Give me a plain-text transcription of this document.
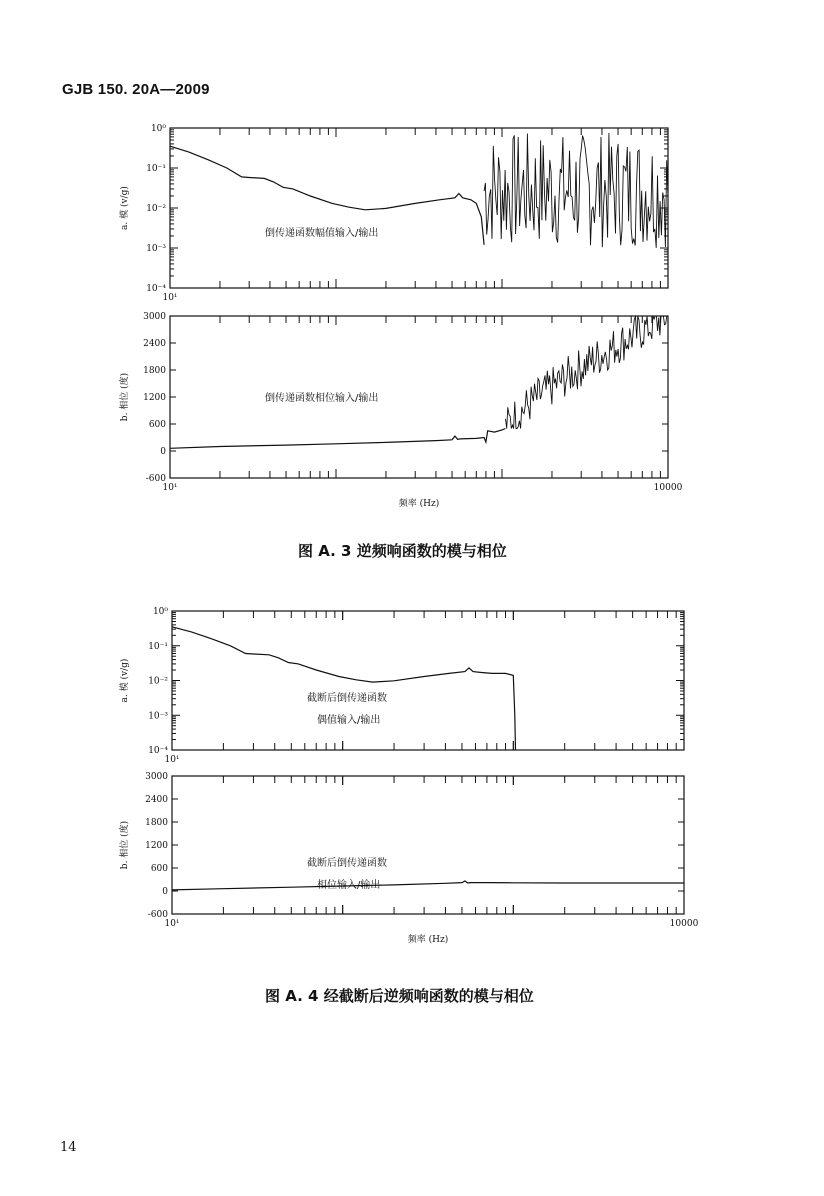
GJB 150. 20A—2009
10⁰
10⁻¹
10⁻²
10⁻³
10⁻⁴
10¹
a. 模 (v/g)
倒传递函数幅值输入/输出
3000
2400
1800
1200
600
0
-600
10¹	10000
b. 相位 (度)
频率 (Hz)
倒传递函数相位输入/输出
10⁰
10⁻¹
10⁻²
10⁻³
10⁻⁴
10¹
a. 模 (v/g)	截断后倒传递函数
偶值输入/输出
3000
2400
1800
1200
600
0
-600
10¹	10000
b. 相位 (度)
频率 (Hz)
截断后倒传递函数
相位输入/输出
图 A. 3 逆频响函数的模与相位
图 A. 4 经截断后逆频响函数的模与相位
14
